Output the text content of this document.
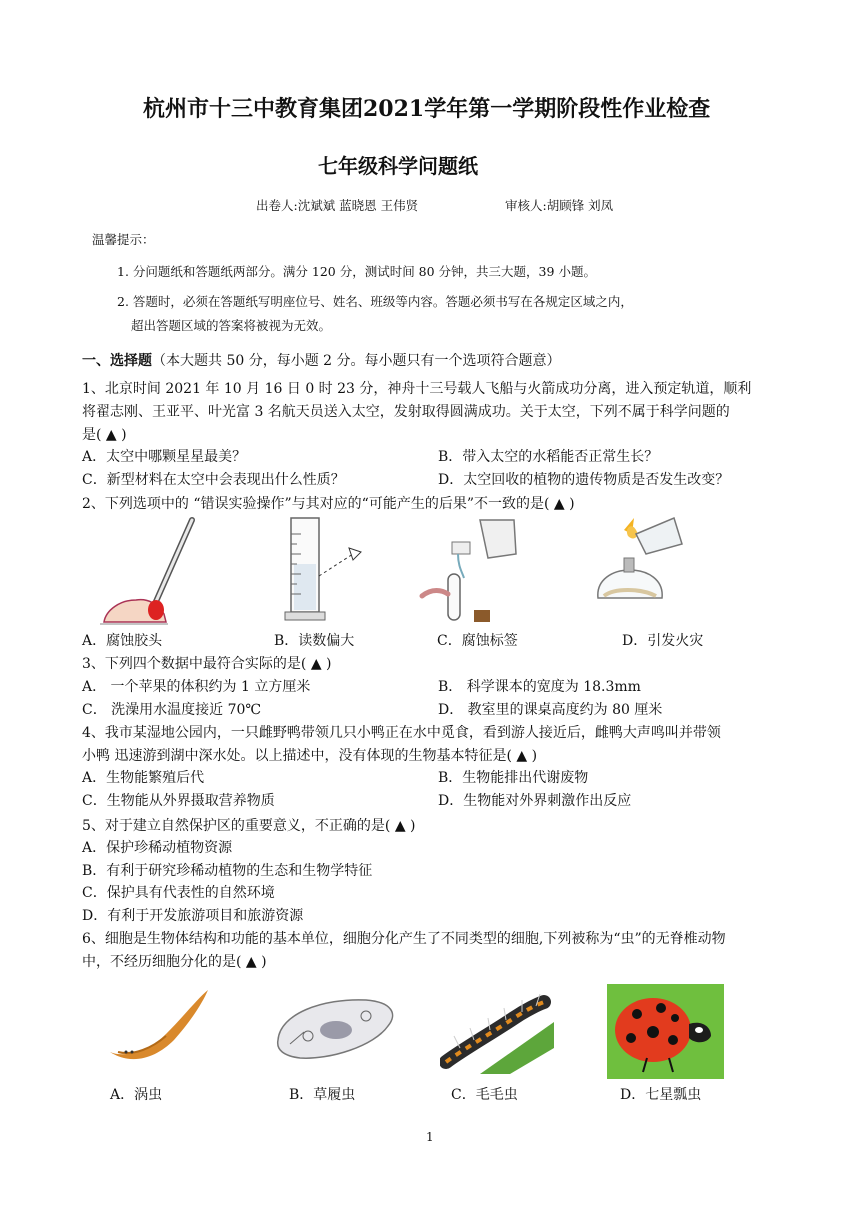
杭州市十三中教育集团2021学年第一学期阶段性作业检查
七年级科学问题纸
出卷人:沈斌斌 蓝晓恩 王伟贤	审核人:胡顾锋 刘凤
温馨提示：
1. 分问题纸和答题纸两部分。满分 120 分，测试时间 80 分钟，共三大题，39 小题。
2. 答题时，必须在答题纸写明座位号、姓名、班级等内容。答题必须书写在各规定区域之内，
超出答题区域的答案将被视为无效。
一、选择题（本大题共 50 分，每小题 2 分。每小题只有一个选项符合题意）
1、北京时间 2021 年 10 月 16 日 0 时 23 分，神舟十三号载人飞船与火箭成功分离，进入预定轨道，顺利
将翟志刚、王亚平、叶光富 3 名航天员送入太空，发射取得圆满成功。关于太空，下列不属于科学问题的
是( ▲ )
A．太空中哪颗星星最美？	B．带入太空的水稻能否正常生长？
C．新型材料在太空中会表现出什么性质？	D．太空回收的植物的遗传物质是否发生改变？
2、下列选项中的 “错误实验操作”与其对应的“可能产生的后果”不一致的是( ▲ )
A．腐蚀胶头	B．读数偏大	C．腐蚀标签	D．引发火灾
3、下列四个数据中最符合实际的是( ▲ )
A． 一个苹果的体积约为 1 立方厘米	B． 科学课本的宽度为 18.3mm
C． 洗澡用水温度接近 70℃	D． 教室里的课桌高度约为 80 厘米
4、我市某湿地公园内，一只雌野鸭带领几只小鸭正在水中觅食，看到游人接近后，雌鸭大声鸣叫并带领
小鸭 迅速游到湖中深水处。以上描述中，没有体现的生物基本特征是( ▲ )
A．生物能繁殖后代	B．生物能排出代谢废物
C．生物能从外界摄取营养物质	D．生物能对外界刺激作出反应
5、对于建立自然保护区的重要意义，不正确的是( ▲ )
A．保护珍稀动植物资源
B．有利于研究珍稀动植物的生态和生物学特征
C．保护具有代表性的自然环境
D．有利于开发旅游项目和旅游资源
6、细胞是生物体结构和功能的基本单位，细胞分化产生了不同类型的细胞,下列被称为“虫”的无脊椎动物
中，不经历细胞分化的是( ▲ )
A．涡虫	B．草履虫	C．毛毛虫	D．七星瓢虫
1
